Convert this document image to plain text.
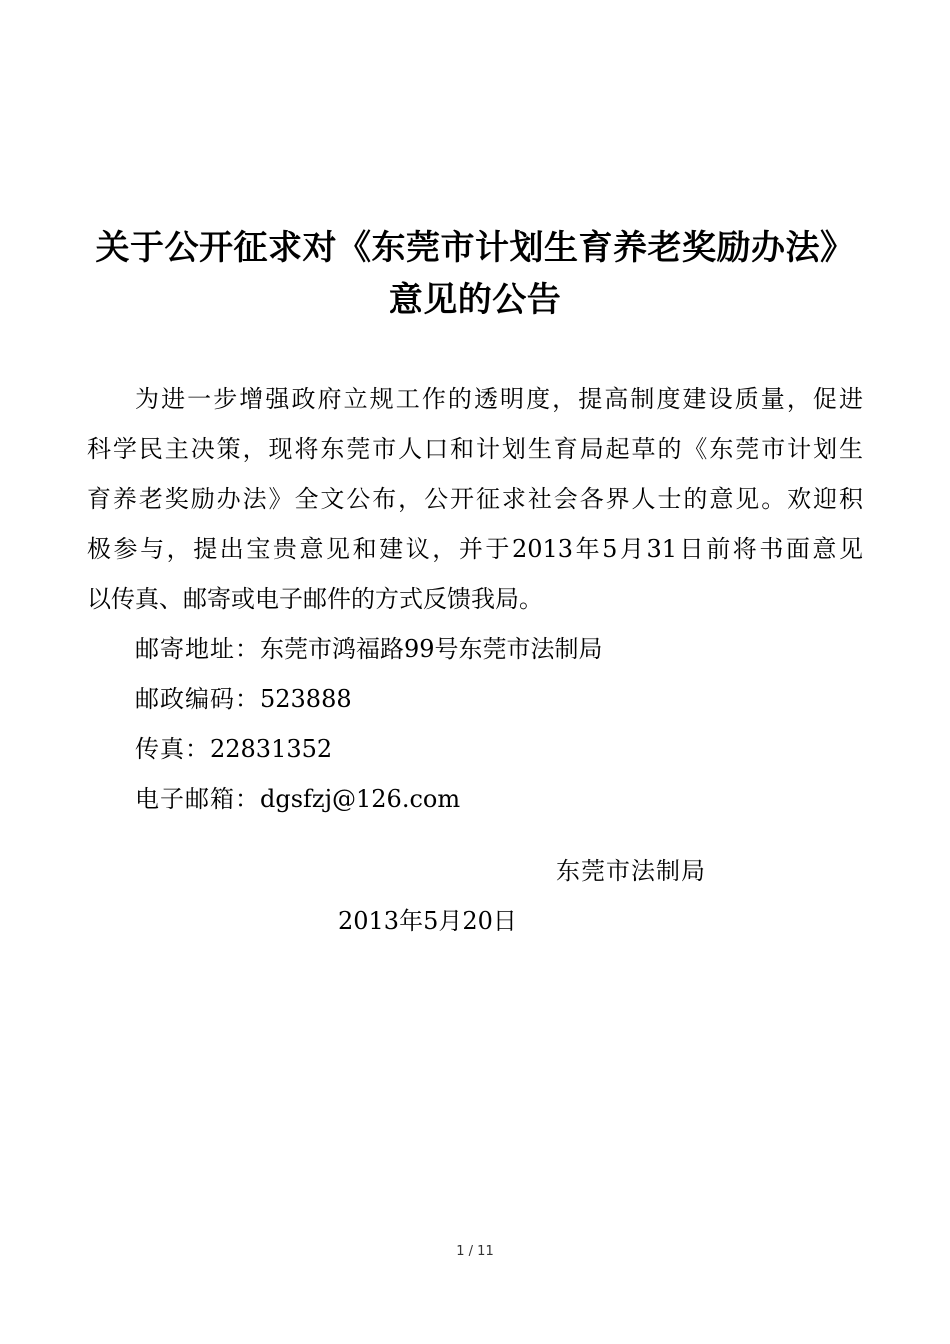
关于公开征求对《东莞市计划生育养老奖励办法》
意见的公告
为进一步增强政府立规工作的透明度，提高制度建设质量，促进
科学民主决策，现将东莞市人口和计划生育局起草的《东莞市计划生
育养老奖励办法》全文公布，公开征求社会各界人士的意见。欢迎积
极参与，提出宝贵意见和建议，并于2013年5月31日前将书面意见
以传真、邮寄或电子邮件的方式反馈我局。
邮寄地址：东莞市鸿福路99号东莞市法制局
邮政编码：523888
传真：22831352
电子邮箱：dgsfzj@126.com
东莞市法制局
2013年5月20日
1 / 11
